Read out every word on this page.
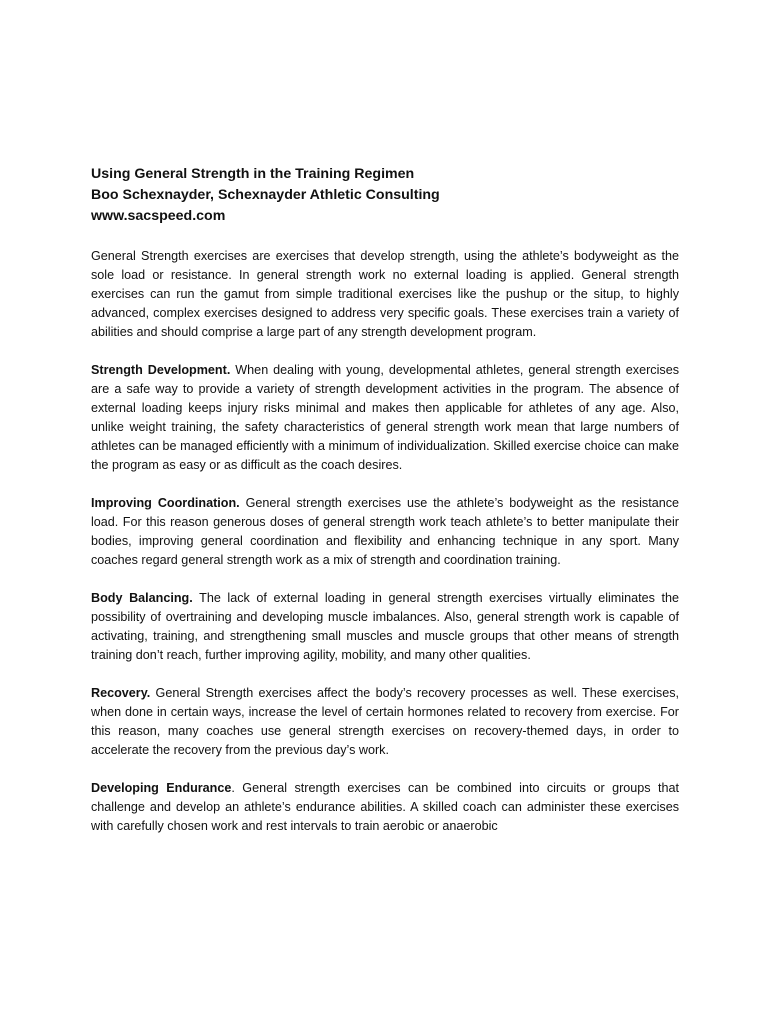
Using General Strength in the Training Regimen
Boo Schexnayder, Schexnayder Athletic Consulting
www.sacspeed.com

General Strength exercises are exercises that develop strength, using the athlete’s bodyweight as the sole load or resistance. In general strength work no external loading is applied. General strength exercises can run the gamut from simple traditional exercises like the pushup or the situp, to highly advanced, complex exercises designed to address very specific goals. These exercises train a variety of abilities and should comprise a large part of any strength development program.

Strength Development. When dealing with young, developmental athletes, general strength exercises are a safe way to provide a variety of strength development activities in the program. The absence of external loading keeps injury risks minimal and makes then applicable for athletes of any age. Also, unlike weight training, the safety characteristics of general strength work mean that large numbers of athletes can be managed efficiently with a minimum of individualization. Skilled exercise choice can make the program as easy or as difficult as the coach desires.

Improving Coordination. General strength exercises use the athlete’s bodyweight as the resistance load. For this reason generous doses of general strength work teach athlete’s to better manipulate their bodies, improving general coordination and flexibility and enhancing technique in any sport. Many coaches regard general strength work as a mix of strength and coordination training.

Body Balancing. The lack of external loading in general strength exercises virtually eliminates the possibility of overtraining and developing muscle imbalances. Also, general strength work is capable of activating, training, and strengthening small muscles and muscle groups that other means of strength training don’t reach, further improving agility, mobility, and many other qualities.

Recovery. General Strength exercises affect the body’s recovery processes as well. These exercises, when done in certain ways, increase the level of certain hormones related to recovery from exercise. For this reason, many coaches use general strength exercises on recovery-themed days, in order to accelerate the recovery from the previous day’s work.

Developing Endurance. General strength exercises can be combined into circuits or groups that challenge and develop an athlete’s endurance abilities. A skilled coach can administer these exercises with carefully chosen work and rest intervals to train aerobic or anaerobic
